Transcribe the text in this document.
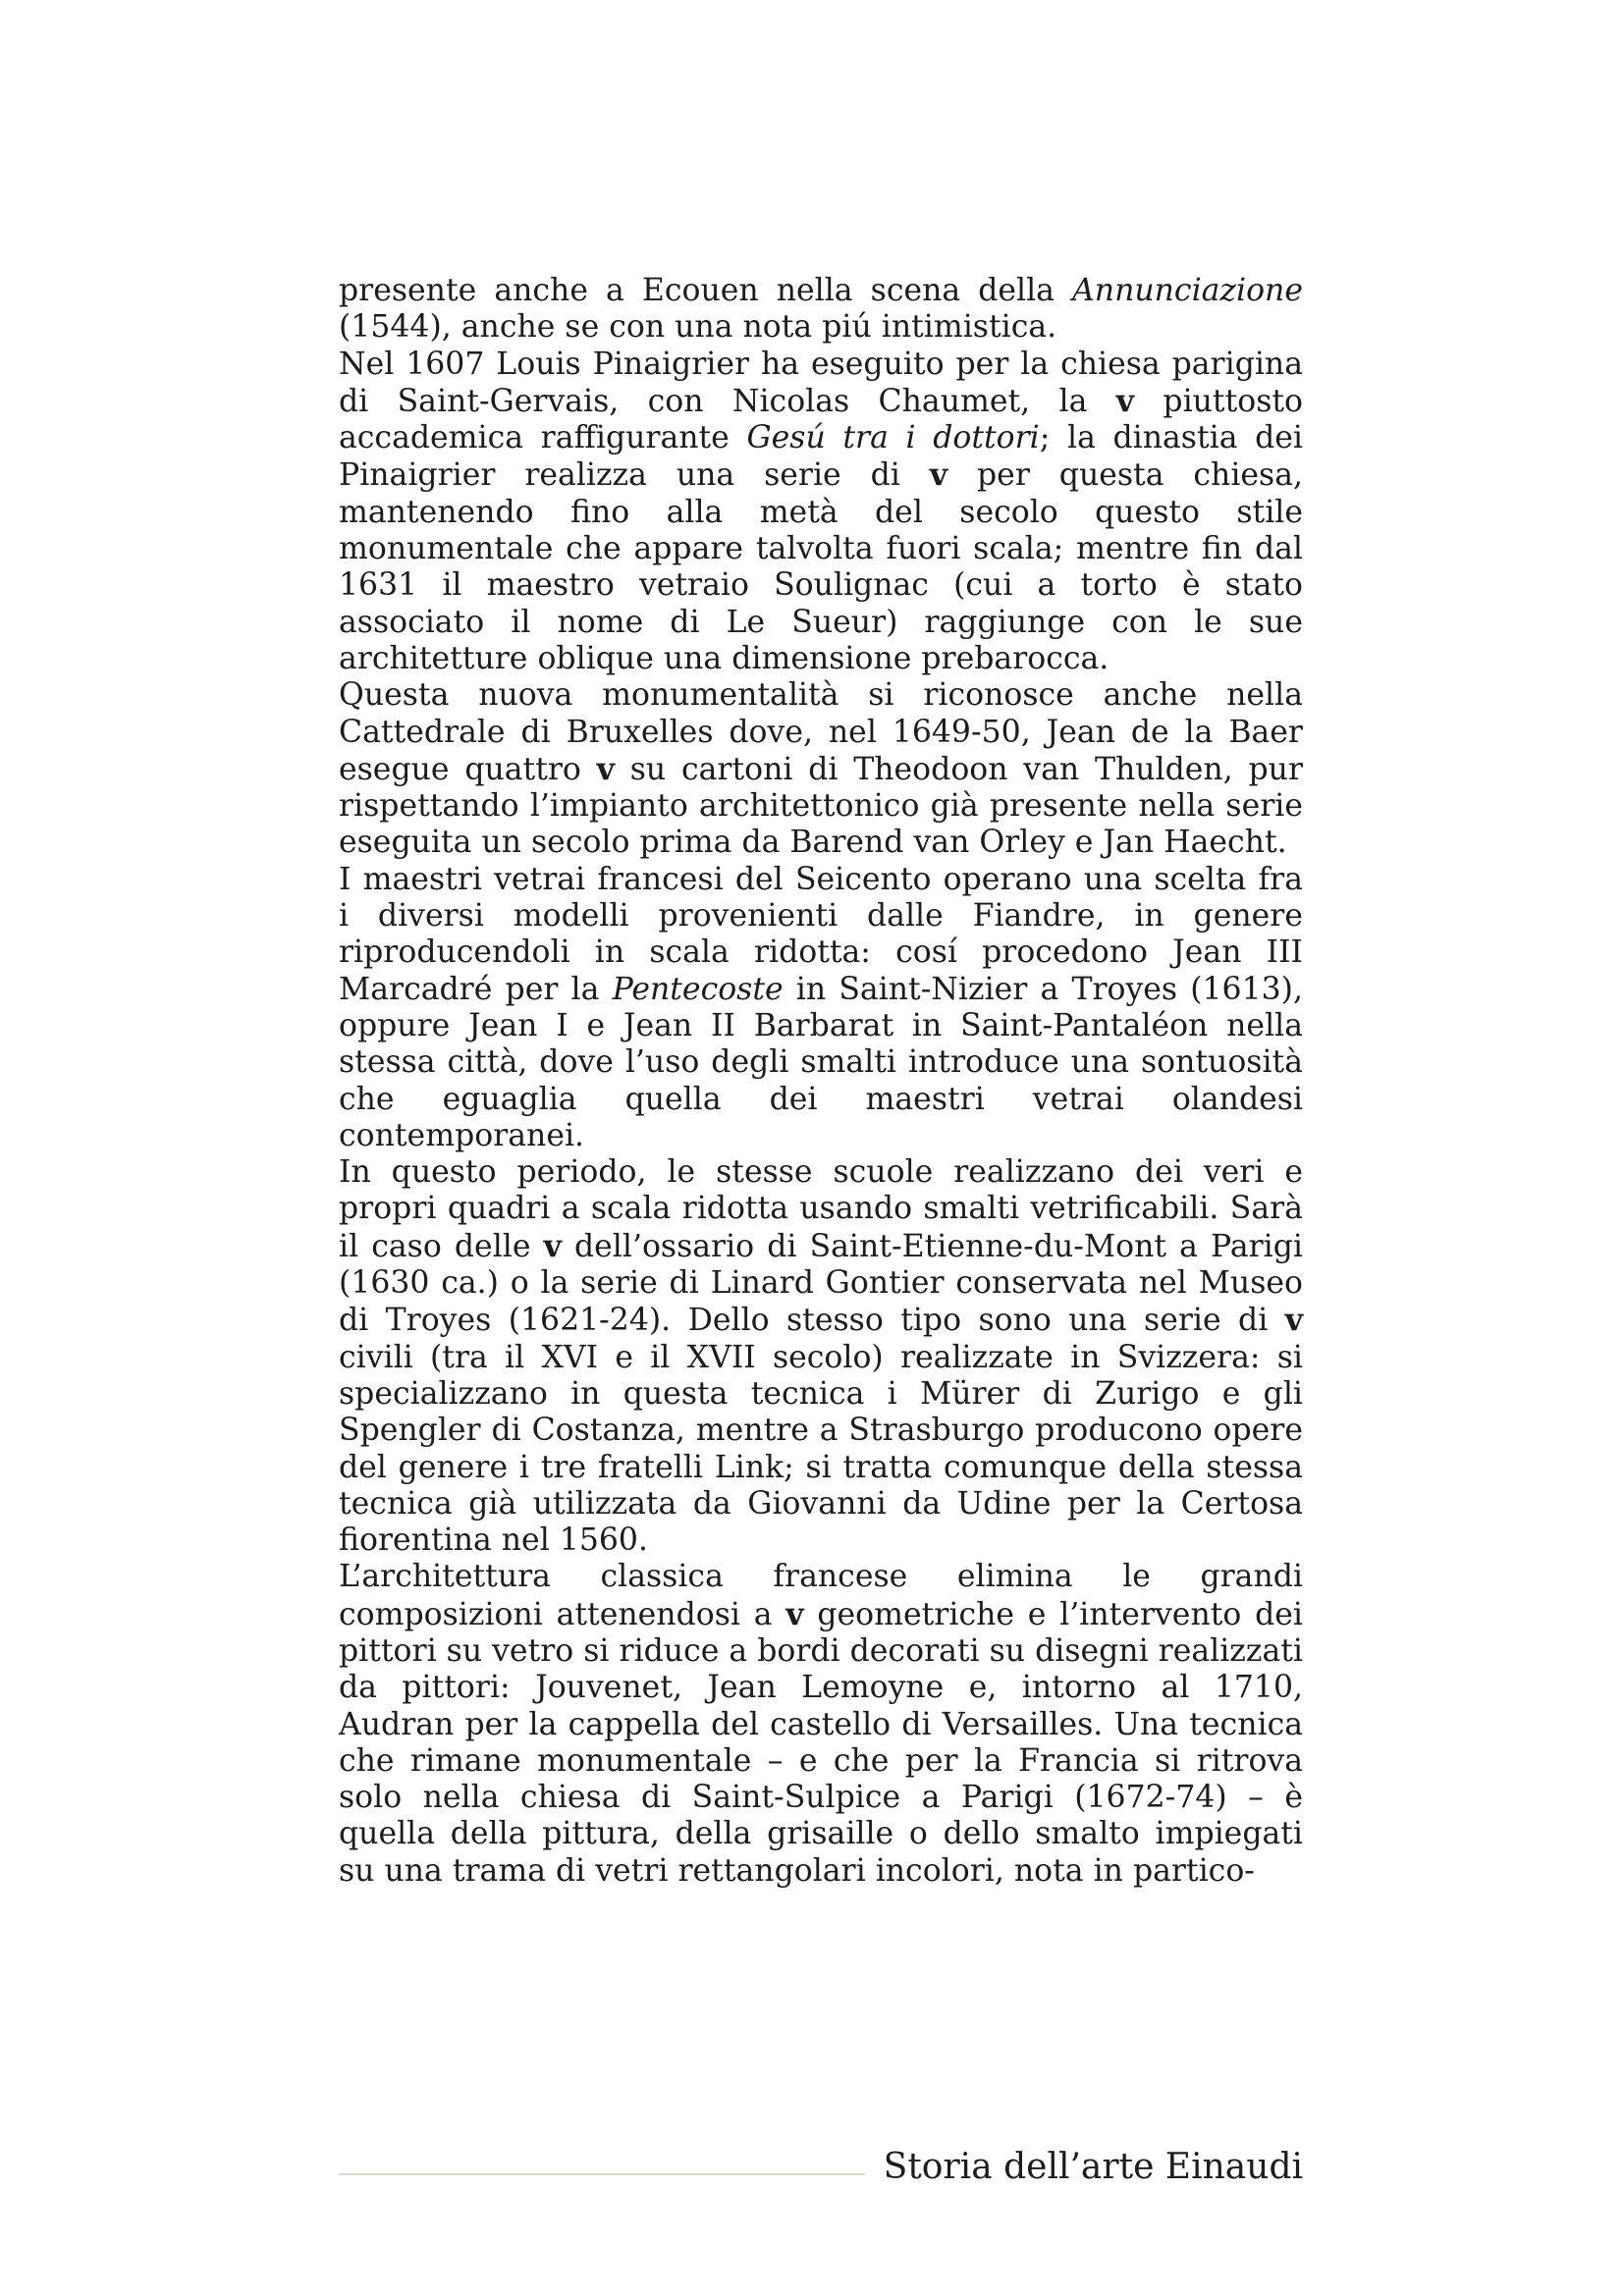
presente anche a Ecouen nella scena della Annunciazione (1544), anche se con una nota piú intimistica.

Nel 1607 Louis Pinaigrier ha eseguito per la chiesa parigina di Saint-Gervais, con Nicolas Chaumet, la v piuttosto accademica raffigurante Gesú tra i dottori; la dinastia dei Pinaigrier realizza una serie di v per questa chiesa, mantenendo fino alla metà del secolo questo stile monumentale che appare talvolta fuori scala; mentre fin dal 1631 il maestro vetraio Soulignac (cui a torto è stato associato il nome di Le Sueur) raggiunge con le sue architetture oblique una dimensione prebarocca.

Questa nuova monumentalità si riconosce anche nella Cattedrale di Bruxelles dove, nel 1649-50, Jean de la Baer esegue quattro v su cartoni di Theodoon van Thulden, pur rispettando l’impianto architettonico già presente nella serie eseguita un secolo prima da Barend van Orley e Jan Haecht.

I maestri vetrai francesi del Seicento operano una scelta fra i diversi modelli provenienti dalle Fiandre, in genere riproducendoli in scala ridotta: cosí procedono Jean III Marcadré per la Pentecoste in Saint-Nizier a Troyes (1613), oppure Jean I e Jean II Barbarat in Saint-Pantaléon nella stessa città, dove l’uso degli smalti introduce una sontuosità che eguaglia quella dei maestri vetrai olandesi contemporanei.

In questo periodo, le stesse scuole realizzano dei veri e propri quadri a scala ridotta usando smalti vetrificabili. Sarà il caso delle v dell’ossario di Saint-Etienne-du-Mont a Parigi (1630 ca.) o la serie di Linard Gontier conservata nel Museo di Troyes (1621-24). Dello stesso tipo sono una serie di v civili (tra il XVI e il XVII secolo) realizzate in Svizzera: si specializzano in questa tecnica i Mürer di Zurigo e gli Spengler di Costanza, mentre a Strasburgo producono opere del genere i tre fratelli Link; si tratta comunque della stessa tecnica già utilizzata da Giovanni da Udine per la Certosa fiorentina nel 1560.

L’architettura classica francese elimina le grandi composizioni attenendosi a v geometriche e l’intervento dei pittori su vetro si riduce a bordi decorati su disegni realizzati da pittori: Jouvenet, Jean Lemoyne e, intorno al 1710, Audran per la cappella del castello di Versailles. Una tecnica che rimane monumentale – e che per la Francia si ritrova solo nella chiesa di Saint-Sulpice a Parigi (1672-74) – è quella della pittura, della grisaille o dello smalto impiegati su una trama di vetri rettangolari incolori, nota in partico-

Storia dell’arte Einaudi
